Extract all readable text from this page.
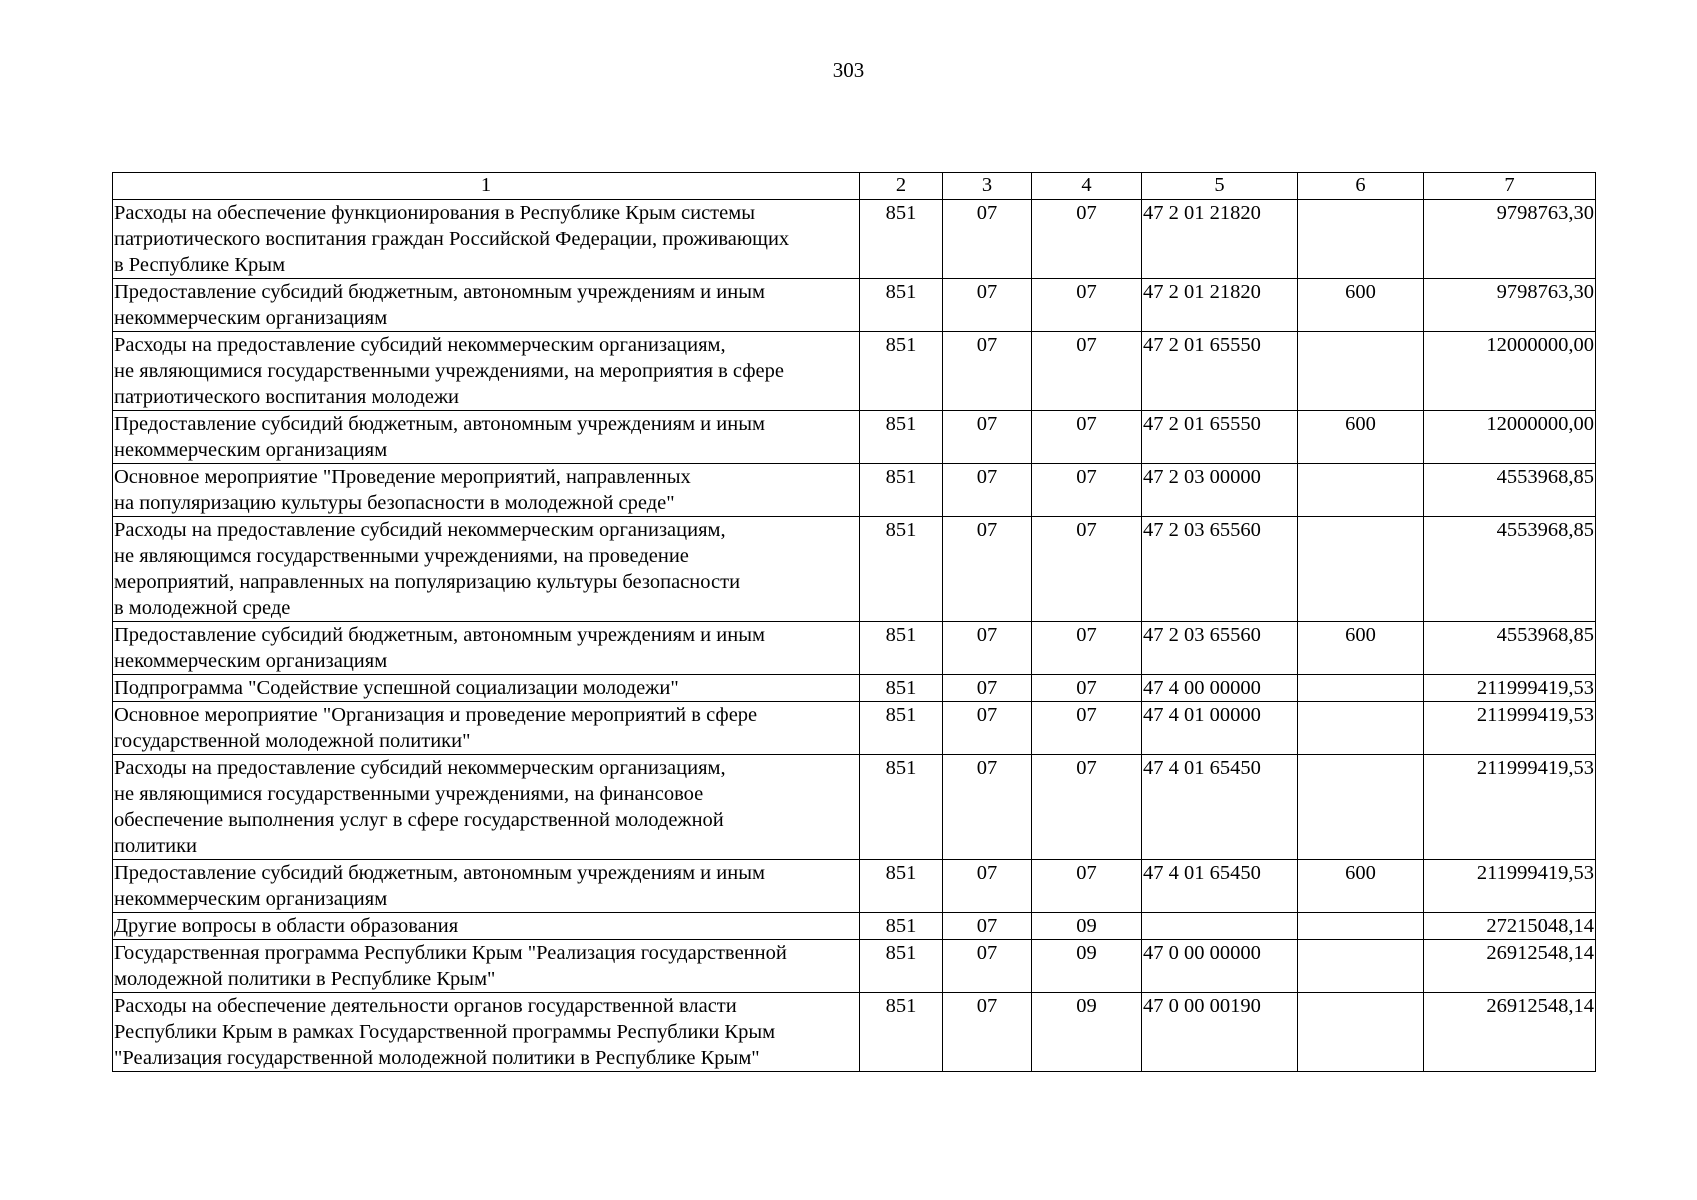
303
1	2	3	4	5	6	7

Расходы на обеспечение функционирования в Республике Крым системы
патриотического воспитания граждан Российской Федерации, проживающих
в Республике Крым	851	07	07	47 2 01 21820		9798763,30

Предоставление субсидий бюджетным, автономным учреждениям и иным
некоммерческим организациям	851	07	07	47 2 01 21820	600	9798763,30

Расходы на предоставление субсидий некоммерческим организациям,
не являющимися государственными учреждениями, на мероприятия в сфере
патриотического воспитания молодежи	851	07	07	47 2 01 65550		12000000,00

Предоставление субсидий бюджетным, автономным учреждениям и иным
некоммерческим организациям	851	07	07	47 2 01 65550	600	12000000,00

Основное мероприятие "Проведение мероприятий, направленных
на популяризацию культуры безопасности в молодежной среде"	851	07	07	47 2 03 00000		4553968,85

Расходы на предоставление субсидий некоммерческим организациям,
не являющимся государственными учреждениями, на проведение
мероприятий, направленных на популяризацию культуры безопасности
в молодежной среде	851	07	07	47 2 03 65560		4553968,85

Предоставление субсидий бюджетным, автономным учреждениям и иным
некоммерческим организациям	851	07	07	47 2 03 65560	600	4553968,85

Подпрограмма "Содействие успешной социализации молодежи"	851	07	07	47 4 00 00000		211999419,53

Основное мероприятие "Организация и проведение мероприятий в сфере
государственной молодежной политики"	851	07	07	47 4 01 00000		211999419,53

Расходы на предоставление субсидий некоммерческим организациям,
не являющимися государственными учреждениями, на финансовое
обеспечение выполнения услуг в сфере государственной молодежной
политики	851	07	07	47 4 01 65450		211999419,53

Предоставление субсидий бюджетным, автономным учреждениям и иным
некоммерческим организациям	851	07	07	47 4 01 65450	600	211999419,53

Другие вопросы в области образования	851	07	09			27215048,14

Государственная программа Республики Крым "Реализация государственной
молодежной политики в Республике Крым"	851	07	09	47 0 00 00000		26912548,14

Расходы на обеспечение деятельности органов государственной власти
Республики Крым в рамках Государственной программы Республики Крым
"Реализация государственной молодежной политики в Республике Крым"	851	07	09	47 0 00 00190		26912548,14
